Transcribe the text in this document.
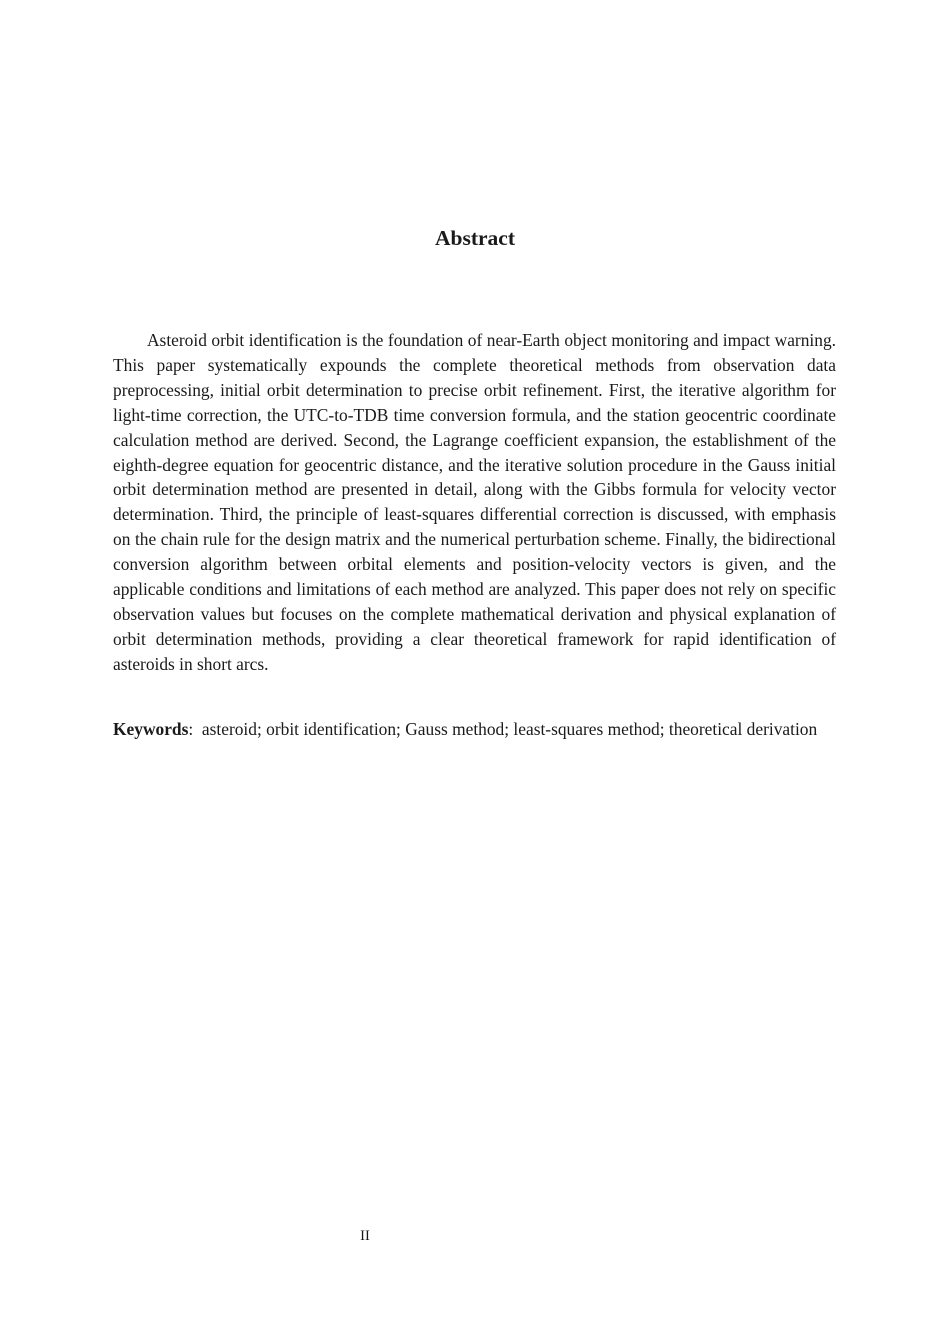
Abstract

Asteroid orbit identification is the foundation of near-Earth object monitoring and impact warning. This paper systematically expounds the complete theoretical methods from observation data preprocessing, initial orbit determination to precise orbit refinement. First, the iterative algorithm for light-time correction, the UTC-to-TDB time conversion formula, and the station geocentric coordinate calculation method are derived. Second, the Lagrange coefficient expansion, the establishment of the eighth-degree equation for geocentric distance, and the iterative solution procedure in the Gauss initial orbit determination method are presented in detail, along with the Gibbs formula for velocity vector determination. Third, the principle of least-squares differential correction is discussed, with emphasis on the chain rule for the design matrix and the numerical perturbation scheme. Finally, the bidirectional conversion algorithm between orbital elements and position-velocity vectors is given, and the applicable conditions and limitations of each method are analyzed. This paper does not rely on specific observation values but focuses on the complete mathematical derivation and physical explanation of orbit determination methods, providing a clear theoretical framework for rapid identification of asteroids in short arcs.

Keywords: asteroid; orbit identification; Gauss method; least-squares method; theoretical derivation

II
